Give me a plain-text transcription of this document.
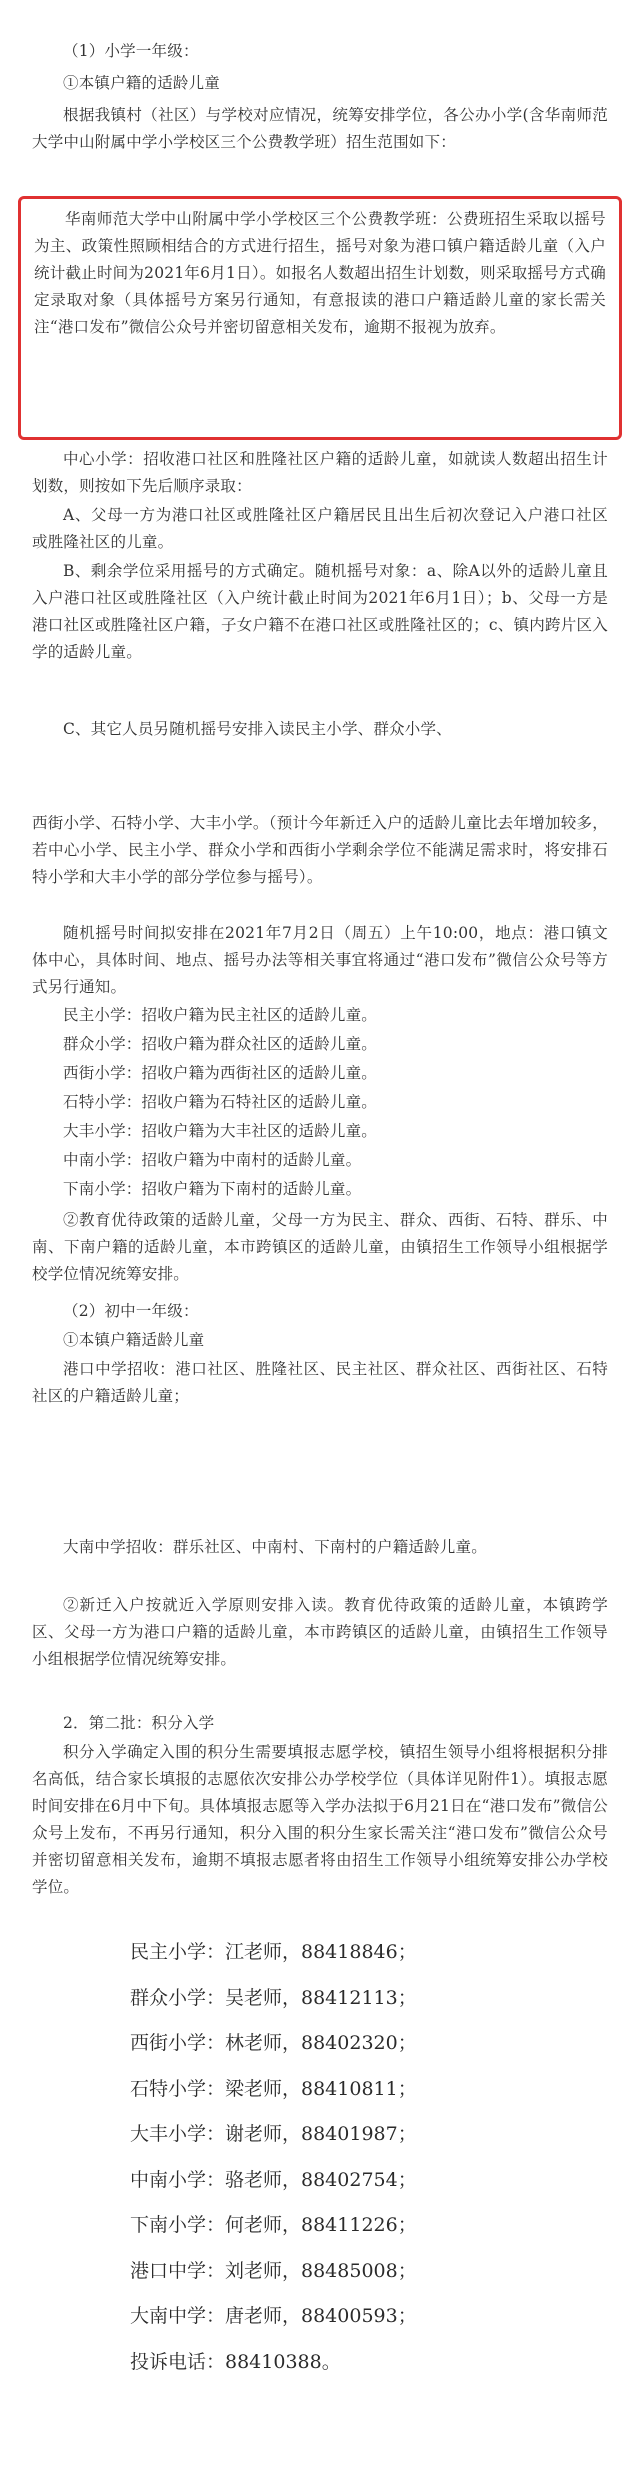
（1）小学一年级：

①本镇户籍的适龄儿童

根据我镇村（社区）与学校对应情况，统筹安排学位，各公办小学(含华南师范大学中山附属中学小学校区三个公费教学班）招生范围如下：

华南师范大学中山附属中学小学校区三个公费教学班：公费班招生采取以摇号为主、政策性照顾相结合的方式进行招生，摇号对象为港口镇户籍适龄儿童（入户统计截止时间为2021年6月1日）。如报名人数超出招生计划数，则采取摇号方式确定录取对象（具体摇号方案另行通知，有意报读的港口户籍适龄儿童的家长需关注“港口发布”微信公众号并密切留意相关发布，逾期不报视为放弃。

中心小学：招收港口社区和胜隆社区户籍的适龄儿童，如就读人数超出招生计划数，则按如下先后顺序录取：

A、父母一方为港口社区或胜隆社区户籍居民且出生后初次登记入户港口社区或胜隆社区的儿童。

B、剩余学位采用摇号的方式确定。随机摇号对象：a、除A以外的适龄儿童且入户港口社区或胜隆社区（入户统计截止时间为2021年6月1日）；b、父母一方是港口社区或胜隆社区户籍，子女户籍不在港口社区或胜隆社区的；c、镇内跨片区入学的适龄儿童。

C、其它人员另随机摇号安排入读民主小学、群众小学、

西街小学、石特小学、大丰小学。（预计今年新迁入户的适龄儿童比去年增加较多，若中心小学、民主小学、群众小学和西街小学剩余学位不能满足需求时，将安排石特小学和大丰小学的部分学位参与摇号）。

随机摇号时间拟安排在2021年7月2日（周五）上午10:00，地点：港口镇文体中心，具体时间、地点、摇号办法等相关事宜将通过“港口发布”微信公众号等方式另行通知。

民主小学：招收户籍为民主社区的适龄儿童。

群众小学：招收户籍为群众社区的适龄儿童。

西街小学：招收户籍为西街社区的适龄儿童。

石特小学：招收户籍为石特社区的适龄儿童。

大丰小学：招收户籍为大丰社区的适龄儿童。

中南小学：招收户籍为中南村的适龄儿童。

下南小学：招收户籍为下南村的适龄儿童。

②教育优待政策的适龄儿童，父母一方为民主、群众、西街、石特、群乐、中南、下南户籍的适龄儿童，本市跨镇区的适龄儿童，由镇招生工作领导小组根据学校学位情况统筹安排。

（2）初中一年级：

①本镇户籍适龄儿童

港口中学招收：港口社区、胜隆社区、民主社区、群众社区、西街社区、石特社区的户籍适龄儿童；

大南中学招收：群乐社区、中南村、下南村的户籍适龄儿童。

②新迁入户按就近入学原则安排入读。教育优待政策的适龄儿童，本镇跨学区、父母一方为港口户籍的适龄儿童，本市跨镇区的适龄儿童，由镇招生工作领导小组根据学位情况统筹安排。

2．第二批：积分入学

积分入学确定入围的积分生需要填报志愿学校，镇招生领导小组将根据积分排名高低，结合家长填报的志愿依次安排公办学校学位（具体详见附件1）。填报志愿时间安排在6月中下旬。具体填报志愿等入学办法拟于6月21日在“港口发布”微信公众号上发布，不再另行通知，积分入围的积分生家长需关注“港口发布”微信公众号并密切留意相关发布，逾期不填报志愿者将由招生工作领导小组统筹安排公办学校学位。

民主小学：江老师，88418846；
群众小学：吴老师，88412113；
西街小学：林老师，88402320；
石特小学：梁老师，88410811；
大丰小学：谢老师，88401987；
中南小学：骆老师，88402754；
下南小学：何老师，88411226；
港口中学：刘老师，88485008；
大南中学：唐老师，88400593；
投诉电话：88410388。
